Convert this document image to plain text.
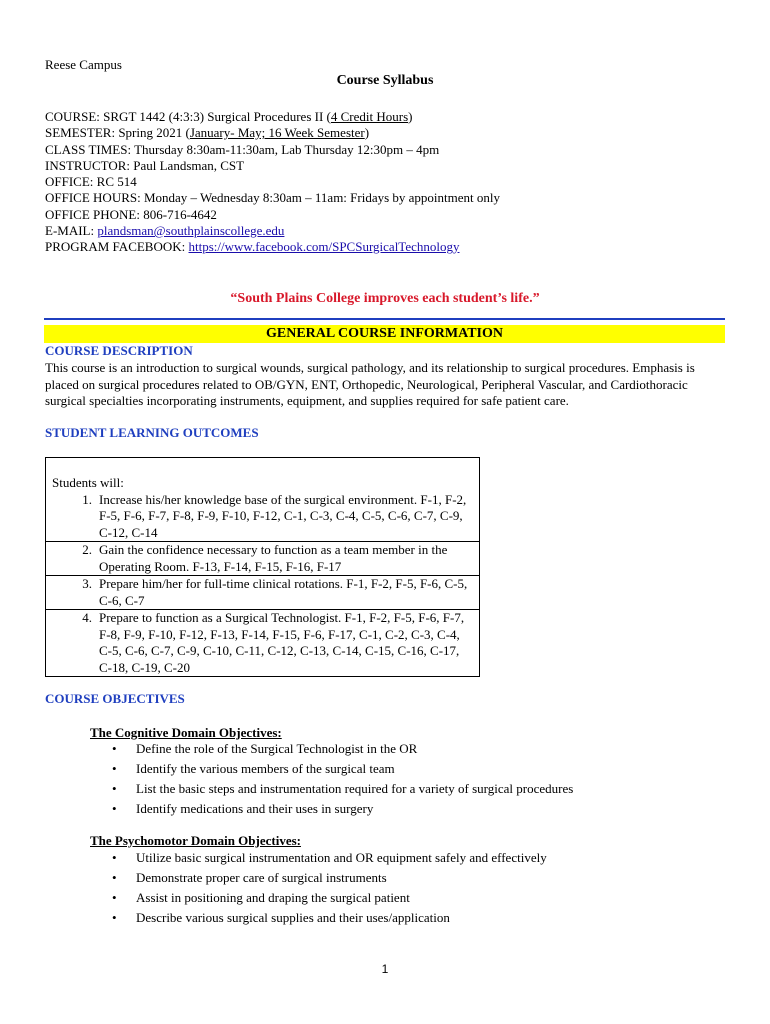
Reese Campus
Course Syllabus
COURSE: SRGT 1442 (4:3:3) Surgical Procedures II (4 Credit Hours)
SEMESTER: Spring 2021 (January- May; 16 Week Semester)
CLASS TIMES: Thursday 8:30am-11:30am, Lab Thursday 12:30pm – 4pm
INSTRUCTOR: Paul Landsman, CST
OFFICE: RC 514
OFFICE HOURS: Monday – Wednesday 8:30am – 11am: Fridays by appointment only
OFFICE PHONE: 806-716-4642
E-MAIL: plandsman@southplainscollege.edu
PROGRAM FACEBOOK: https://www.facebook.com/SPCSurgicalTechnology
“South Plains College improves each student’s life.”
GENERAL COURSE INFORMATION
COURSE DESCRIPTION
This course is an introduction to surgical wounds, surgical pathology, and its relationship to surgical procedures. Emphasis is placed on surgical procedures related to OB/GYN, ENT, Orthopedic, Neurological, Peripheral Vascular, and Cardiothoracic surgical specialties incorporating instruments, equipment, and supplies required for safe patient care.
STUDENT LEARNING OUTCOMES
Students will:
1. Increase his/her knowledge base of the surgical environment. F-1, F-2, F-5, F-6, F-7, F-8, F-9, F-10, F-12, C-1, C-3, C-4, C-5, C-6, C-7, C-9, C-12, C-14

2. Gain the confidence necessary to function as a team member in the Operating Room. F-13, F-14, F-15, F-16, F-17

3. Prepare him/her for full-time clinical rotations. F-1, F-2, F-5, F-6, C-5, C-6, C-7

4. Prepare to function as a Surgical Technologist. F-1, F-2, F-5, F-6, F-7, F-8, F-9, F-10, F-12, F-13, F-14, F-15, F-6, F-17, C-1, C-2, C-3, C-4, C-5, C-6, C-7, C-9, C-10, C-11, C-12, C-13, C-14, C-15, C-16, C-17, C-18, C-19, C-20
COURSE OBJECTIVES
The Cognitive Domain Objectives:
• Define the role of the Surgical Technologist in the OR
• Identify the various members of the surgical team
• List the basic steps and instrumentation required for a variety of surgical procedures
• Identify medications and their uses in surgery
The Psychomotor Domain Objectives:
• Utilize basic surgical instrumentation and OR equipment safely and effectively
• Demonstrate proper care of surgical instruments
• Assist in positioning and draping the surgical patient
• Describe various surgical supplies and their uses/application
1
